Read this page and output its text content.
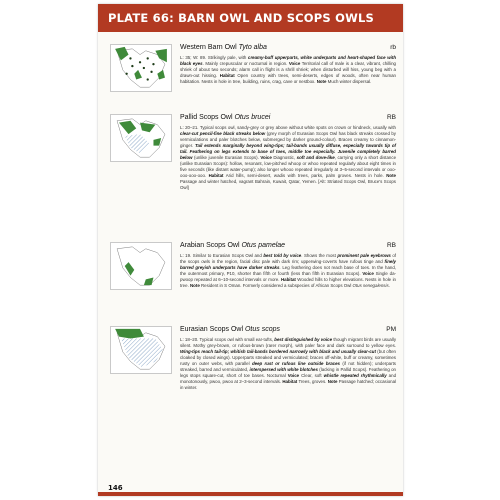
PLATE 66: BARN OWL AND SCOPS OWLS
Western Barn Owl Tyto alba	rb
L: 35; W: 89. Strikingly pale, with creamy-buff upperparts, white underparts and heart-shaped face with black eyes. Mainly crepuscular or nocturnal in region. Voice Territorial call of male is a clear, vibrant, chilling shriek of about two seconds; alarm call in flight is a shrill shriek; when disturbed will hiss, young beg with a drawn-out hissing. Habitat Open country with trees, semi-deserts, edges of woods, often near human habitation. Nests in hole in tree, building, ruins, crag, cave or nestbox. Note Much winter dispersal.
Pallid Scops Owl Otus brucei	RB
L: 20–21. Typical scops owl, sandy-grey or grey above without white spots on crown or hindneck, usually with clear-cut pencil-fine black streaks below (grey morph of Eurasian Scops Owl has black streaks crossed by vermiculations and paler blotches below, submerged by darker ground-colour). Braces creamy to cinnamon-ginger. Tail extends marginally beyond wing-tips; tail-bands usually diffuse, especially towards tip of tail. Feathering on legs extends to base of toes, middle toe especially. Juvenile completely barred below (unlike juvenile Eurasian Scops). Voice Diagnostic, soft and dove-like, carrying only a short distance (unlike Eurasian Scops): hollow, resonant, low-pitched whoop or whoo repeated regularly about eight times in five seconds (like distant water-pump); also longer whooo repeated irregularly at 3–5-second intervals or ooo-ooo-ooo-ooo. Habitat Arid hills, semi-desert, wadis with trees, parks, palm groves. Nests in hole. Note Passage and winter hatched, vagrant Bahrain, Kuwait, Qatar, Yemen. [Alt: Striated Scops Owl, Bruce's Scops Owl]
Arabian Scops Owl Otus pamelae	RB
L: 19. Similar to Eurasian Scops Owl and best told by voice. Shows the most prominent pale eyebrows of the scops owls in the region, facial disc pale with dark rim; upperwing-coverts have rufous tinge and finely barred greyish underparts have darker streaks. Leg feathering does not reach base of toes. In the hand, the outermost primary, P10, shorter than fifth or fourth (less than fifth in Eurasian Scops). Voice Single da-pwoop repeated at 6–10-second intervals or more. Habitat Wooded hills to higher elevations. Nests in hole in tree. Note Resident in S Oman. Formerly considered a subspecies of African Scops Owl Otus senegalensis.
Eurasian Scops Owl Otus scops	PM
L: 18–20. Typical scops owl with small ear-tufts, best distinguished by voice though migrant birds are usually silent. Mothy grey-brown, or rufous-brown (rarer morph), with paler face and dark surround to yellow eyes. Wing-tips reach tail-tip; whitish tail-bands bordered narrowly with black and usually clear-cut (but often cloaked by closed wings). Upperparts streaked and vermiculated; braces off-white, buff or creamy, sometimes rusty on outer webs, with parallel deep rust or rufous line outside braces (if not hidden); underparts streaked, barred and vermiculated, interspersed with white blotches (lacking in Pallid Scops). Feathering on legs stops square-cut, short of toe bases. Nocturnal Voice Clear, soft whistle repeated rhythmically and monotonously, pwoo, pwoo at 2–3-second intervals. Habitat Trees, groves. Note Passage hatched; occasional in winter.
146
